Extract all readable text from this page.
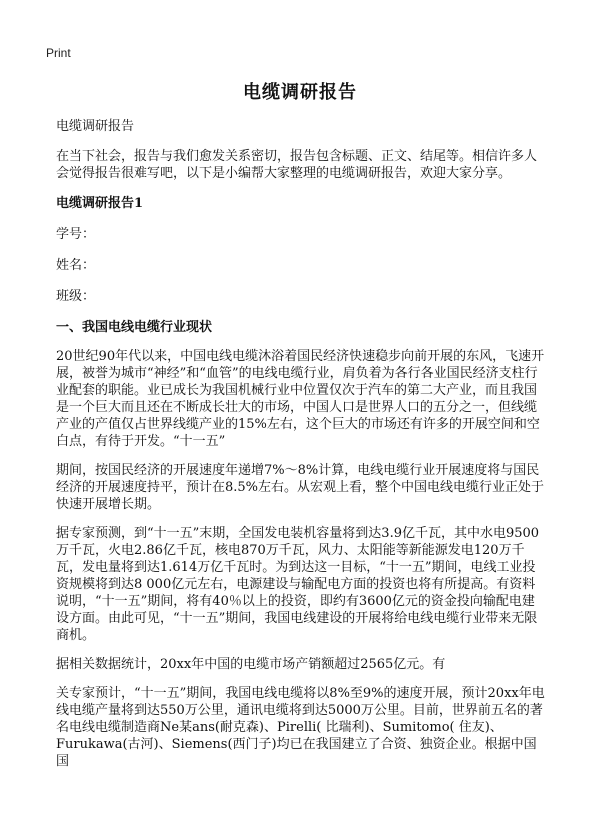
Print
电缆调研报告

电缆调研报告

在当下社会，报告与我们愈发关系密切，报告包含标题、正文、结尾等。相信许多人会觉得报告很难写吧，以下是小编帮大家整理的电缆调研报告，欢迎大家分享。

电缆调研报告1

学号：

姓名：

班级：

一、我国电线电缆行业现状

20世纪90年代以来，中国电线电缆沐浴着国民经济快速稳步向前开展的东风，飞速开展，被誉为城市“神经”和“血管”的电线电缆行业，肩负着为各行各业国民经济支柱行业配套的职能。业已成长为我国机械行业中位置仅次于汽车的第二大产业，而且我国是一个巨大而且还在不断成长壮大的市场，中国人口是世界人口的五分之一，但线缆产业的产值仅占世界线缆产业的15%左右，这个巨大的市场还有许多的开展空间和空白点，有待于开发。“十一五”

期间，按国民经济的开展速度年递增7%～8%计算，电线电缆行业开展速度将与国民经济的开展速度持平，预计在8.5%左右。从宏观上看，整个中国电线电缆行业正处于快速开展增长期。

据专家预测，到“十一五”末期，全国发电装机容量将到达3.9亿千瓦，其中水电9500万千瓦，火电2.86亿千瓦，核电870万千瓦，风力、太阳能等新能源发电120万千瓦，发电量将到达1.614万亿千瓦时。为到达这一目标，“十一五”期间，电线工业投资规模将到达8 000亿元左右，电源建设与输配电方面的投资也将有所提高。有资料说明，“十一五”期间，将有40％以上的投资，即约有3600亿元的资金投向输配电建设方面。由此可见，“十一五”期间，我国电线建设的开展将给电线电缆行业带来无限商机。

据相关数据统计，20xx年中国的电缆市场产销额超过2565亿元。有

关专家预计，“十一五”期间，我国电线电缆将以8%至9%的速度开展，预计20xx年电线电缆产量将到达550万公里，通讯电缆将到达5000万公里。目前，世界前五名的著名电线电缆制造商Ne某ans(耐克森)、Pirelli( 比瑞利)、Sumitomo( 住友)、Furukawa(古河)、Siemens(西门子)均已在我国建立了合资、独资企业。根据中国国
